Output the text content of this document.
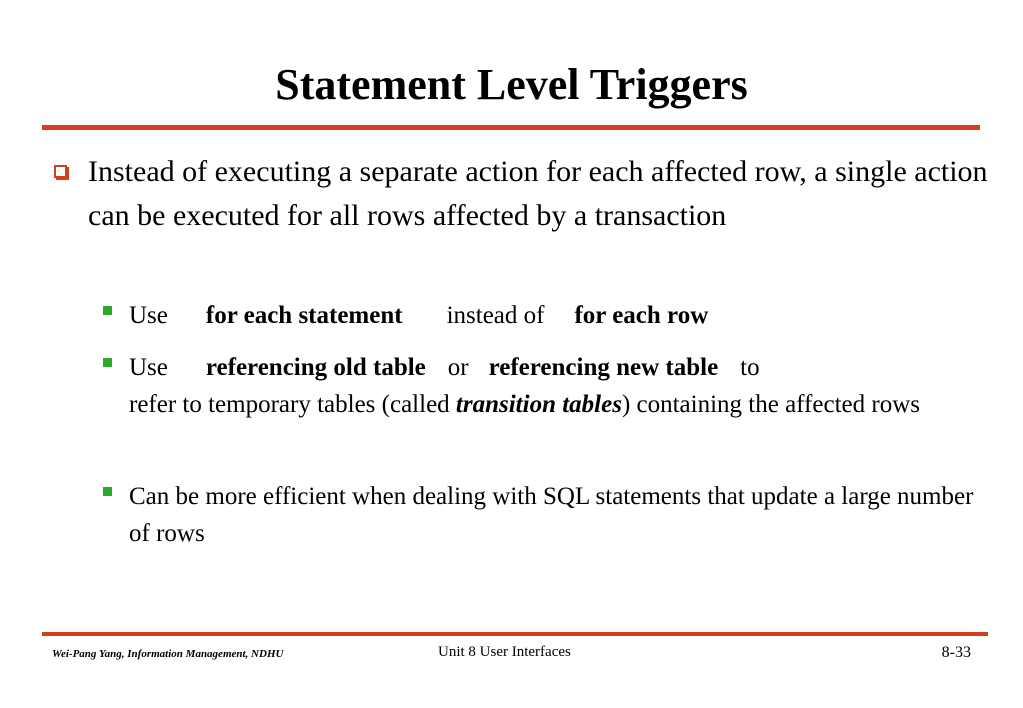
Statement Level Triggers
Instead of executing a separate action for each affected row, a single action can be executed for all rows affected by a transaction
Use for each statement instead of for each row
Use referencing old table or referencing new table to
refer to temporary tables (called transition tables) containing the affected rows
Can be more efficient when dealing with SQL statements that update a large number of rows
Wei-Pang Yang, Information Management, NDHU	Unit 8 User Interfaces	8-33
